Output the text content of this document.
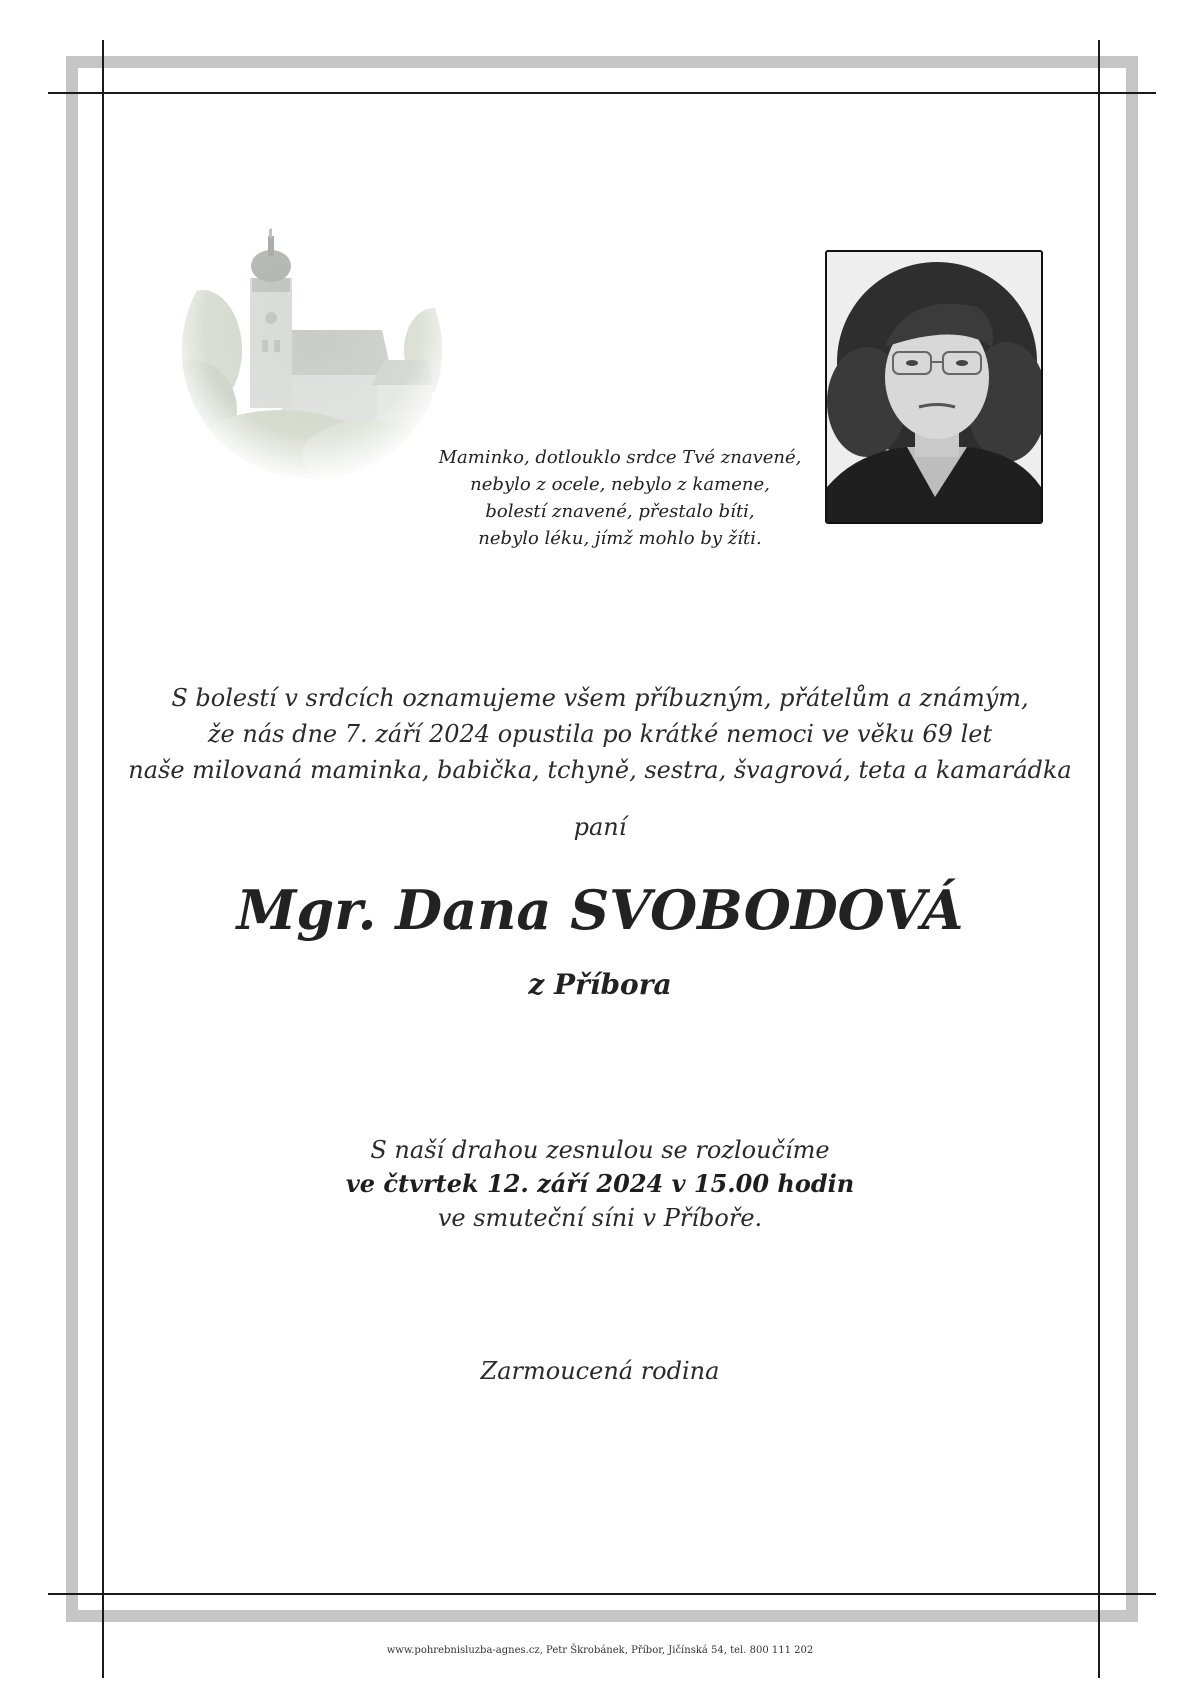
Maminko, dotlouklo srdce Tvé znavené,
nebylo z ocele, nebylo z kamene,
bolestí znavené, přestalo bíti,
nebylo léku, jímž mohlo by žíti.
S bolestí v srdcích oznamujeme všem příbuzným, přátelům a známým,
že nás dne 7. září 2024 opustila po krátké nemoci ve věku 69 let
naše milovaná maminka, babička, tchyně, sestra, švagrová, teta a kamarádka
paní
Mgr. Dana SVOBODOVÁ
z Příbora
S naší drahou zesnulou se rozloučíme
ve čtvrtek 12. září 2024 v 15.00 hodin
ve smuteční síni v Příboře.
Zarmoucená rodina
www.pohrebnisluzba-agnes.cz, Petr Škrobánek, Příbor, Jičínská 54, tel. 800 111 202
